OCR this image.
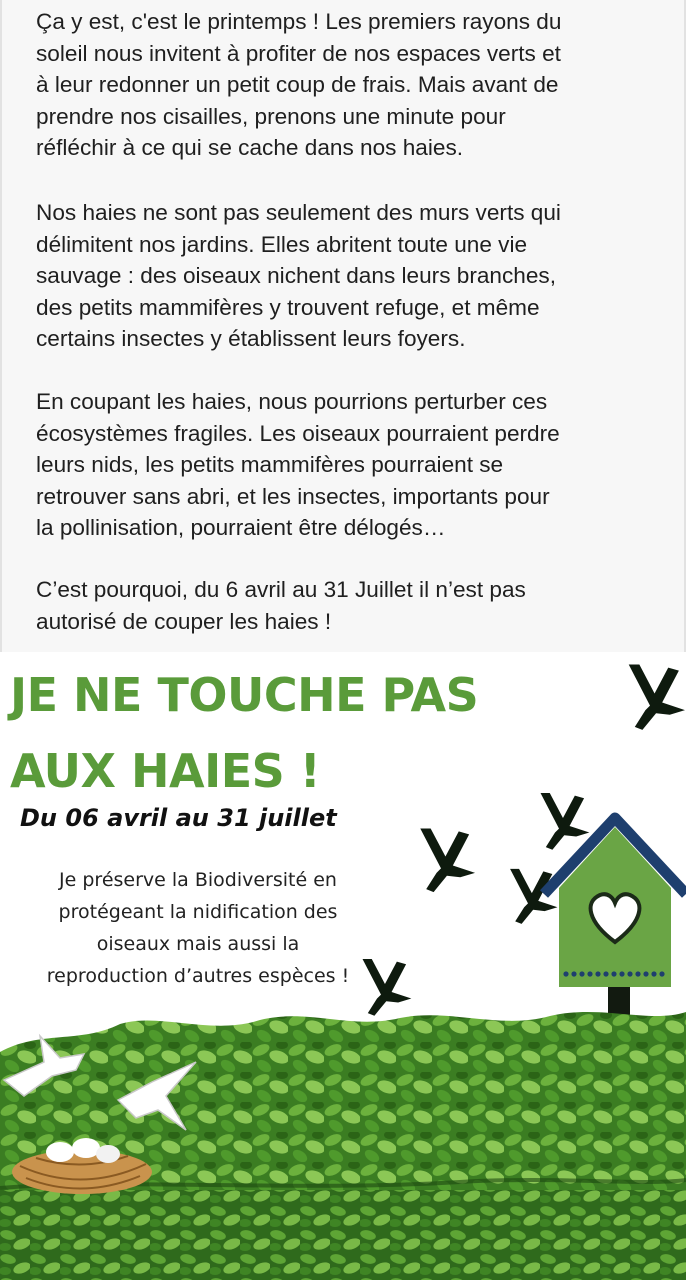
Ça y est, c'est le printemps ! Les premiers rayons du
soleil nous invitent à profiter de nos espaces verts et
à leur redonner un petit coup de frais. Mais avant de
prendre nos cisailles, prenons une minute pour
réfléchir à ce qui se cache dans nos haies.

Nos haies ne sont pas seulement des murs verts qui
délimitent nos jardins. Elles abritent toute une vie
sauvage : des oiseaux nichent dans leurs branches,
des petits mammifères y trouvent refuge, et même
certains insectes y établissent leurs foyers.

En coupant les haies, nous pourrions perturber ces
écosystèmes fragiles. Les oiseaux pourraient perdre
leurs nids, les petits mammifères pourraient se
retrouver sans abri, et les insectes, importants pour
la pollinisation, pourraient être délogés…

C’est pourquoi, du 6 avril au 31 Juillet il n’est pas
autorisé de couper les haies !

JE NE TOUCHE PAS
AUX HAIES !

Du 06 avril au 31 juillet

Je préserve la Biodiversité en
protégeant la nidification des
oiseaux mais aussi la
reproduction d’autres espèces !
